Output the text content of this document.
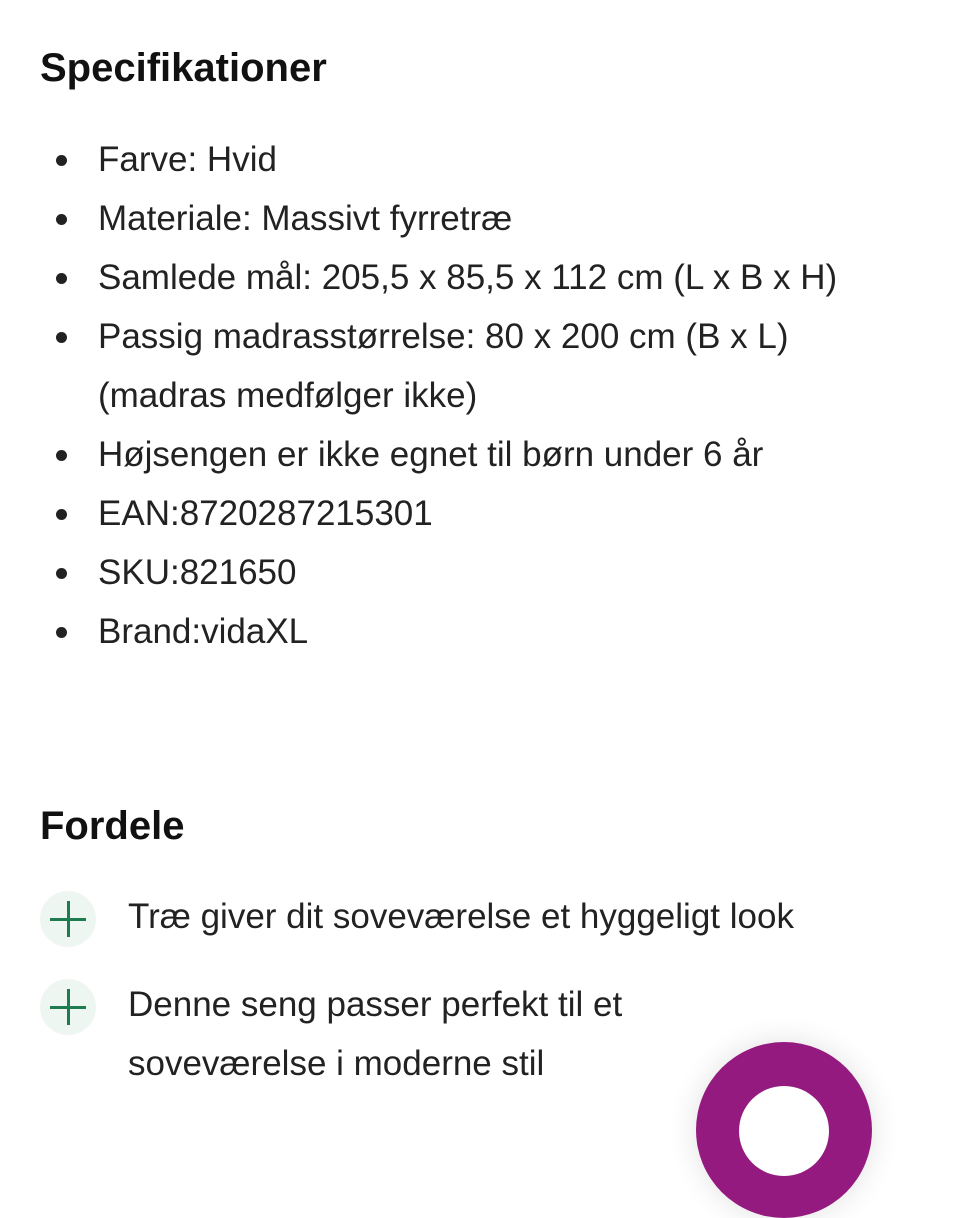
Specifikationer
Farve: Hvid
Materiale: Massivt fyrretræ
Samlede mål: 205,5 x 85,5 x 112 cm (L x B x H)
Passig madrasstørrelse: 80 x 200 cm (B x L) (madras medfølger ikke)
Højsengen er ikke egnet til børn under 6 år
EAN:8720287215301
SKU:821650
Brand:vidaXL
Fordele
Træ giver dit soveværelse et hyggeligt look
Denne seng passer perfekt til et soveværelse i moderne stil
